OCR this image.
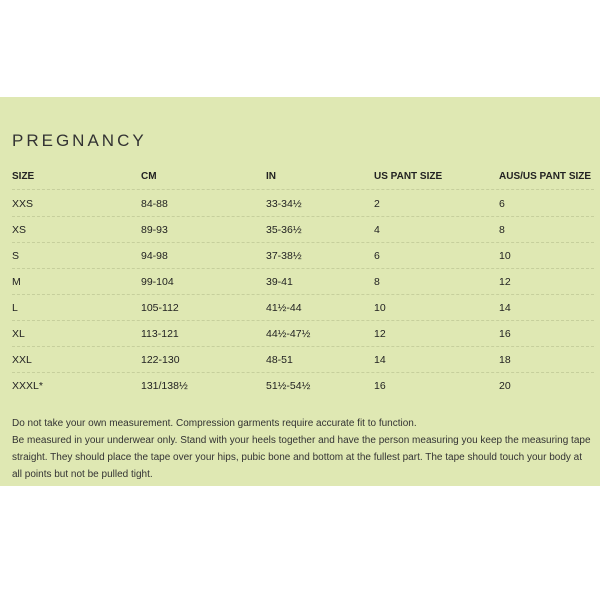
PREGNANCY
SIZE	CM	IN	US PANT SIZE	AUS/US PANT SIZE
XXS	84-88	33-34½	2	6
XS	89-93	35-36½	4	8
S	94-98	37-38½	6	10
M	99-104	39-41	8	12
L	105-112	41½-44	10	14
XL	113-121	44½-47½	12	16
XXL	122-130	48-51	14	18
XXXL*	131/138½	51½-54½	16	20

Do not take your own measurement. Compression garments require accurate fit to function.

Be measured in your underwear only. Stand with your heels together and have the person measuring you keep the measuring tape straight. They should place the tape over your hips, pubic bone and bottom at the fullest part. The tape should touch your body at all points but not be pulled tight.
